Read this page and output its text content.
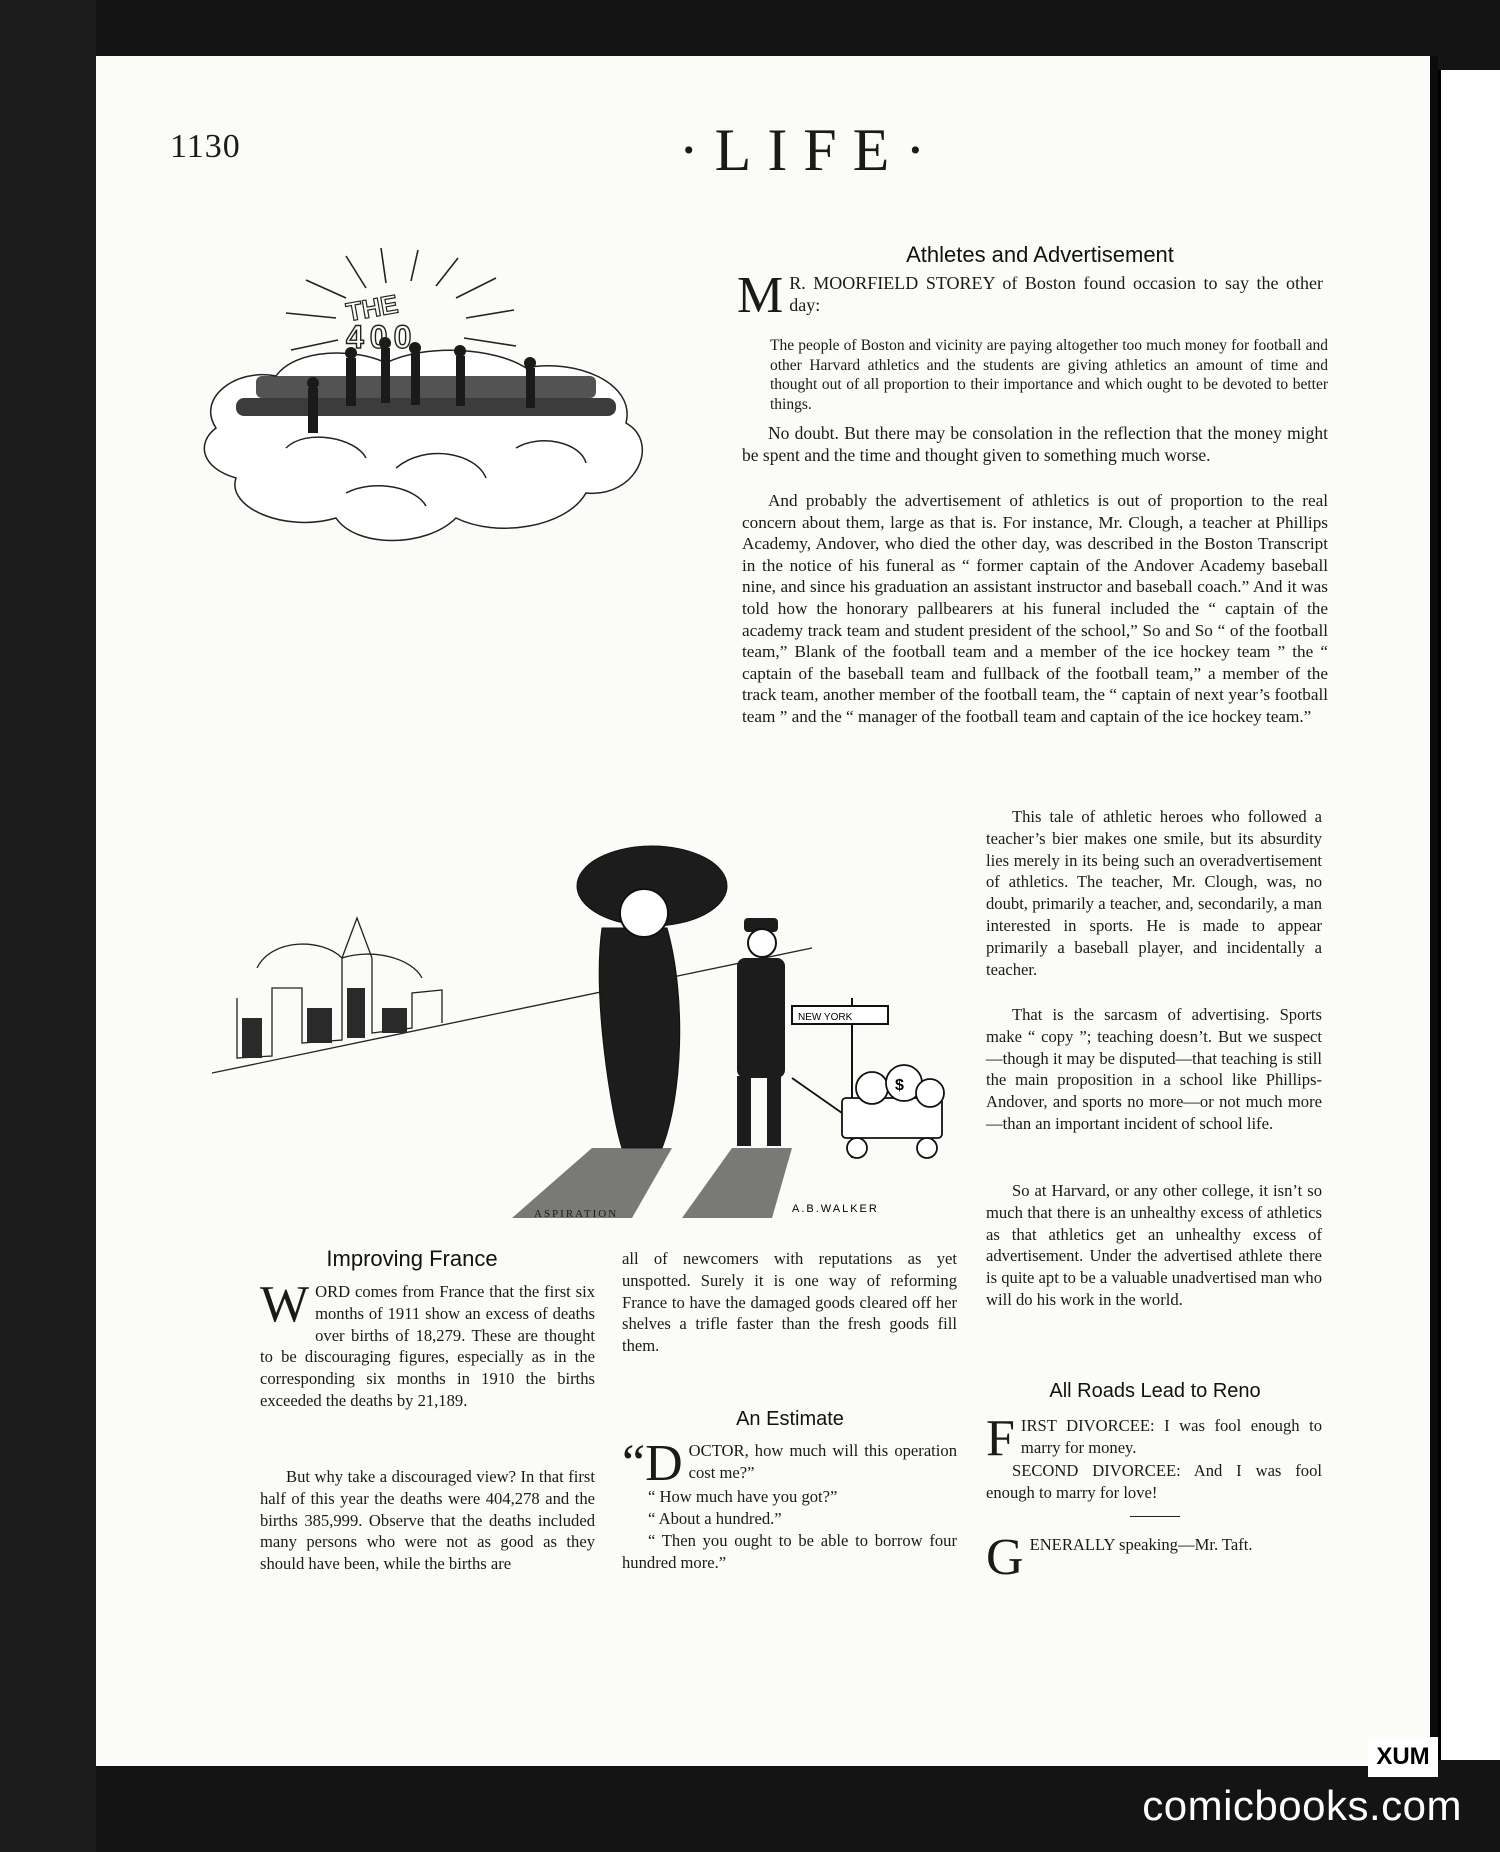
1130	·LIFE·
THE
400
Athletes and Advertisement
M R. MOORFIELD STOREY of Boston found occasion to say the other day:
The people of Boston and vicinity are paying altogether too much money for football and other Harvard athletics and the students are giving athletics an amount of time and thought out of all proportion to their importance and which ought to be devoted to better things.
No doubt. But there may be consolation in the reflection that the money might be spent and the time and thought given to something much worse.
And probably the advertisement of athletics is out of proportion to the real concern about them, large as that is. For instance, Mr. Clough, a teacher at Phillips Academy, Andover, who died the other day, was described in the Boston Transcript in the notice of his funeral as “ former captain of the Andover Academy baseball nine, and since his graduation an assistant instructor and baseball coach.” And it was told how the honorary pallbearers at his funeral included the “ captain of the academy track team and student president of the school,” So and So “ of the football team,” Blank of the football team and a member of the ice hockey team ” the “ captain of the baseball team and fullback of the football team,” a member of the track team, another member of the football team, the “ captain of next year’s football team ” and the “ manager of the football team and captain of the ice hockey team.”
This tale of athletic heroes who followed a teacher’s bier makes one smile, but its absurdity lies merely in its being such an overadvertisement of athletics. The teacher, Mr. Clough, was, no doubt, primarily a teacher, and, secondarily, a man interested in sports. He is made to appear primarily a baseball player, and incidentally a teacher.
That is the sarcasm of advertising. Sports make “ copy ”; teaching doesn’t. But we suspect—though it may be disputed—that teaching is still the main proposition in a school like Phillips-Andover, and sports no more—or not much more—than an important incident of school life.
So at Harvard, or any other college, it isn’t so much that there is an unhealthy excess of athletics as that athletics get an unhealthy excess of advertisement. Under the advertised athlete there is quite apt to be a valuable unadvertised man who will do his work in the world.
NEW YORK
$
A.B.WALKER
ASPIRATION
Improving France
WORD comes from France that the first six months of 1911 show an excess of deaths over births of 18,279. These are thought to be discouraging figures, especially as in the corresponding six months in 1910 the births exceeded the deaths by 21,189.
But why take a discouraged view? In that first half of this year the deaths were 404,278 and the births 385,999. Observe that the deaths included many persons who were not as good as they should have been, while the births are
all of newcomers with reputations as yet unspotted. Surely it is one way of reforming France to have the damaged goods cleared off her shelves a trifle faster than the fresh goods fill them.
An Estimate
“DOCTOR, how much will this operation cost me?”
“ How much have you got?”
“ About a hundred.”
“ Then you ought to be able to borrow four hundred more.”
All Roads Lead to Reno
FIRST DIVORCEE: I was fool enough to marry for money.
SECOND DIVORCEE: And I was fool enough to marry for love!
GENERALLY speaking—Mr. Taft.
XUM
comicbooks.com
